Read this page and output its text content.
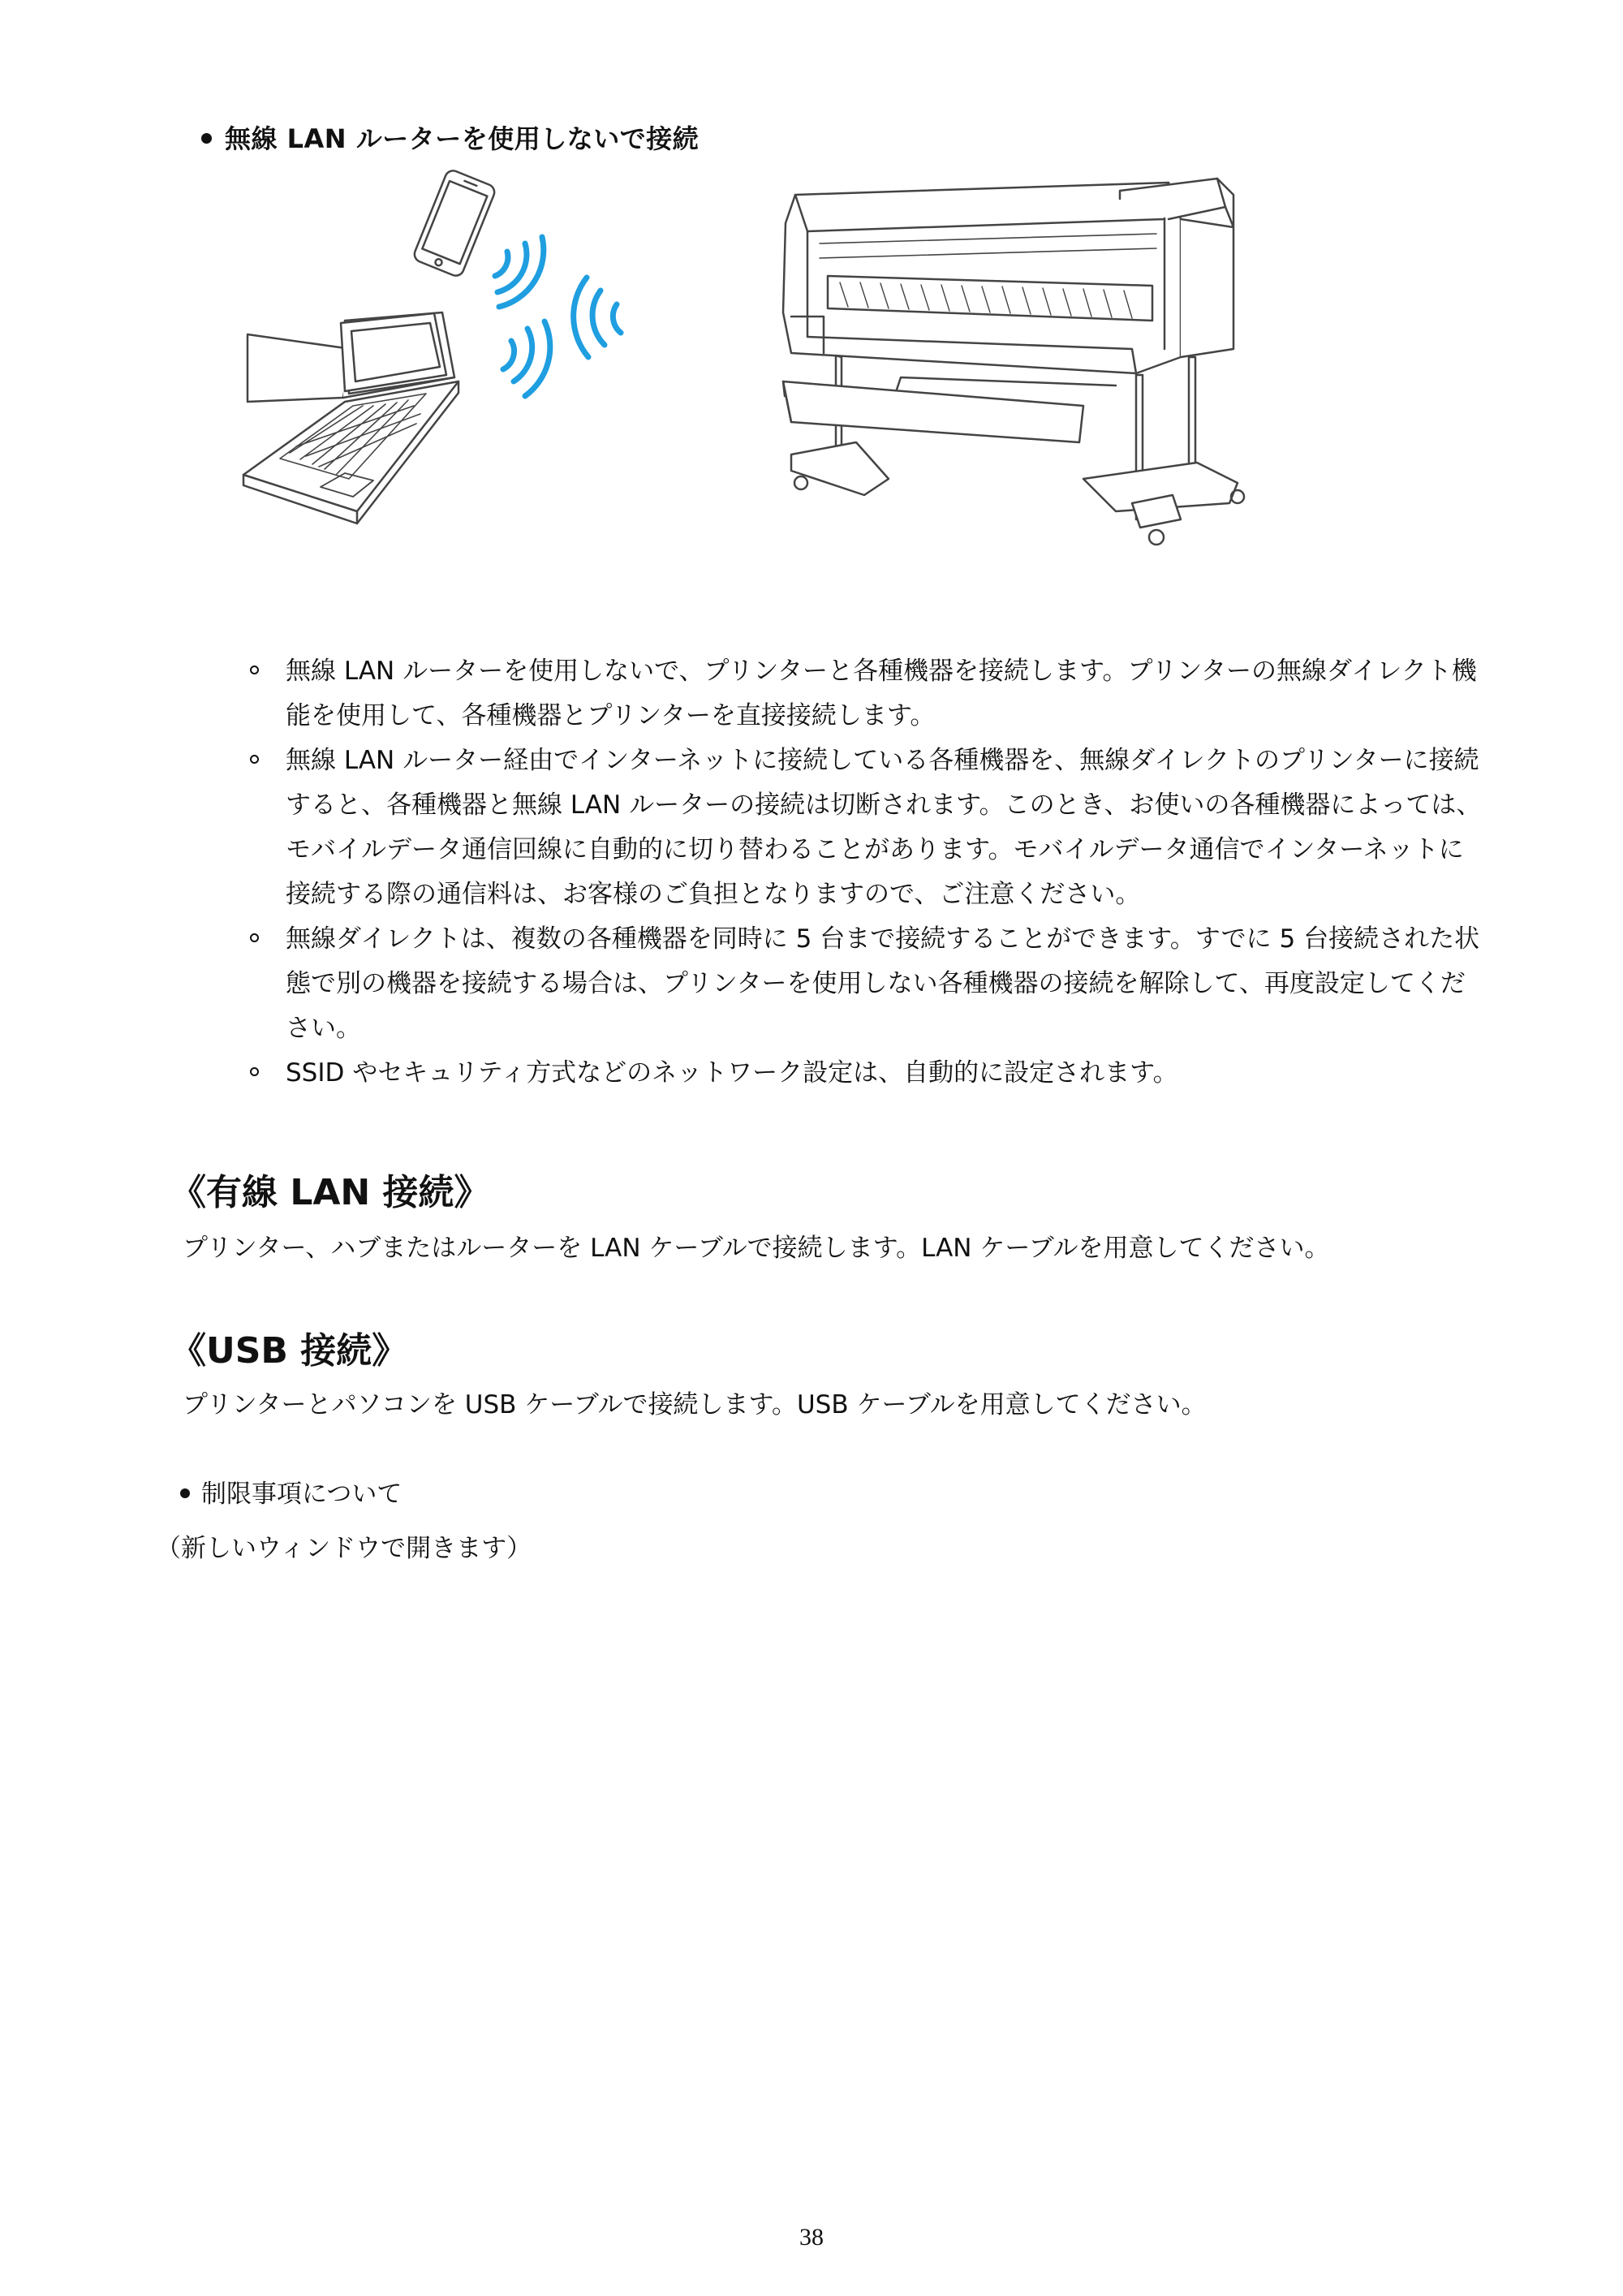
無線 LAN ルーターを使用しないで接続
無線 LAN ルーターを使用しないで、プリンターと各種機器を接続します。プリンターの無線ダイレクト機能を使用して、各種機器とプリンターを直接接続します。
無線 LAN ルーター経由でインターネットに接続している各種機器を、無線ダイレクトのプリンターに接続すると、各種機器と無線 LAN ルーターの接続は切断されます。このとき、お使いの各種機器によっては、モバイルデータ通信回線に自動的に切り替わることがあります。モバイルデータ通信でインターネットに接続する際の通信料は、お客様のご負担となりますので、ご注意ください。
無線ダイレクトは、複数の各種機器を同時に 5 台まで接続することができます。すでに 5 台接続された状態で別の機器を接続する場合は、プリンターを使用しない各種機器の接続を解除して、再度設定してください。
SSID やセキュリティ方式などのネットワーク設定は、自動的に設定されます。
《有線 LAN 接続》
プリンター、ハブまたはルーターを LAN ケーブルで接続します。LAN ケーブルを用意してください。
《USB 接続》
プリンターとパソコンを USB ケーブルで接続します。USB ケーブルを用意してください。
制限事項について
（新しいウィンドウで開きます）
38
